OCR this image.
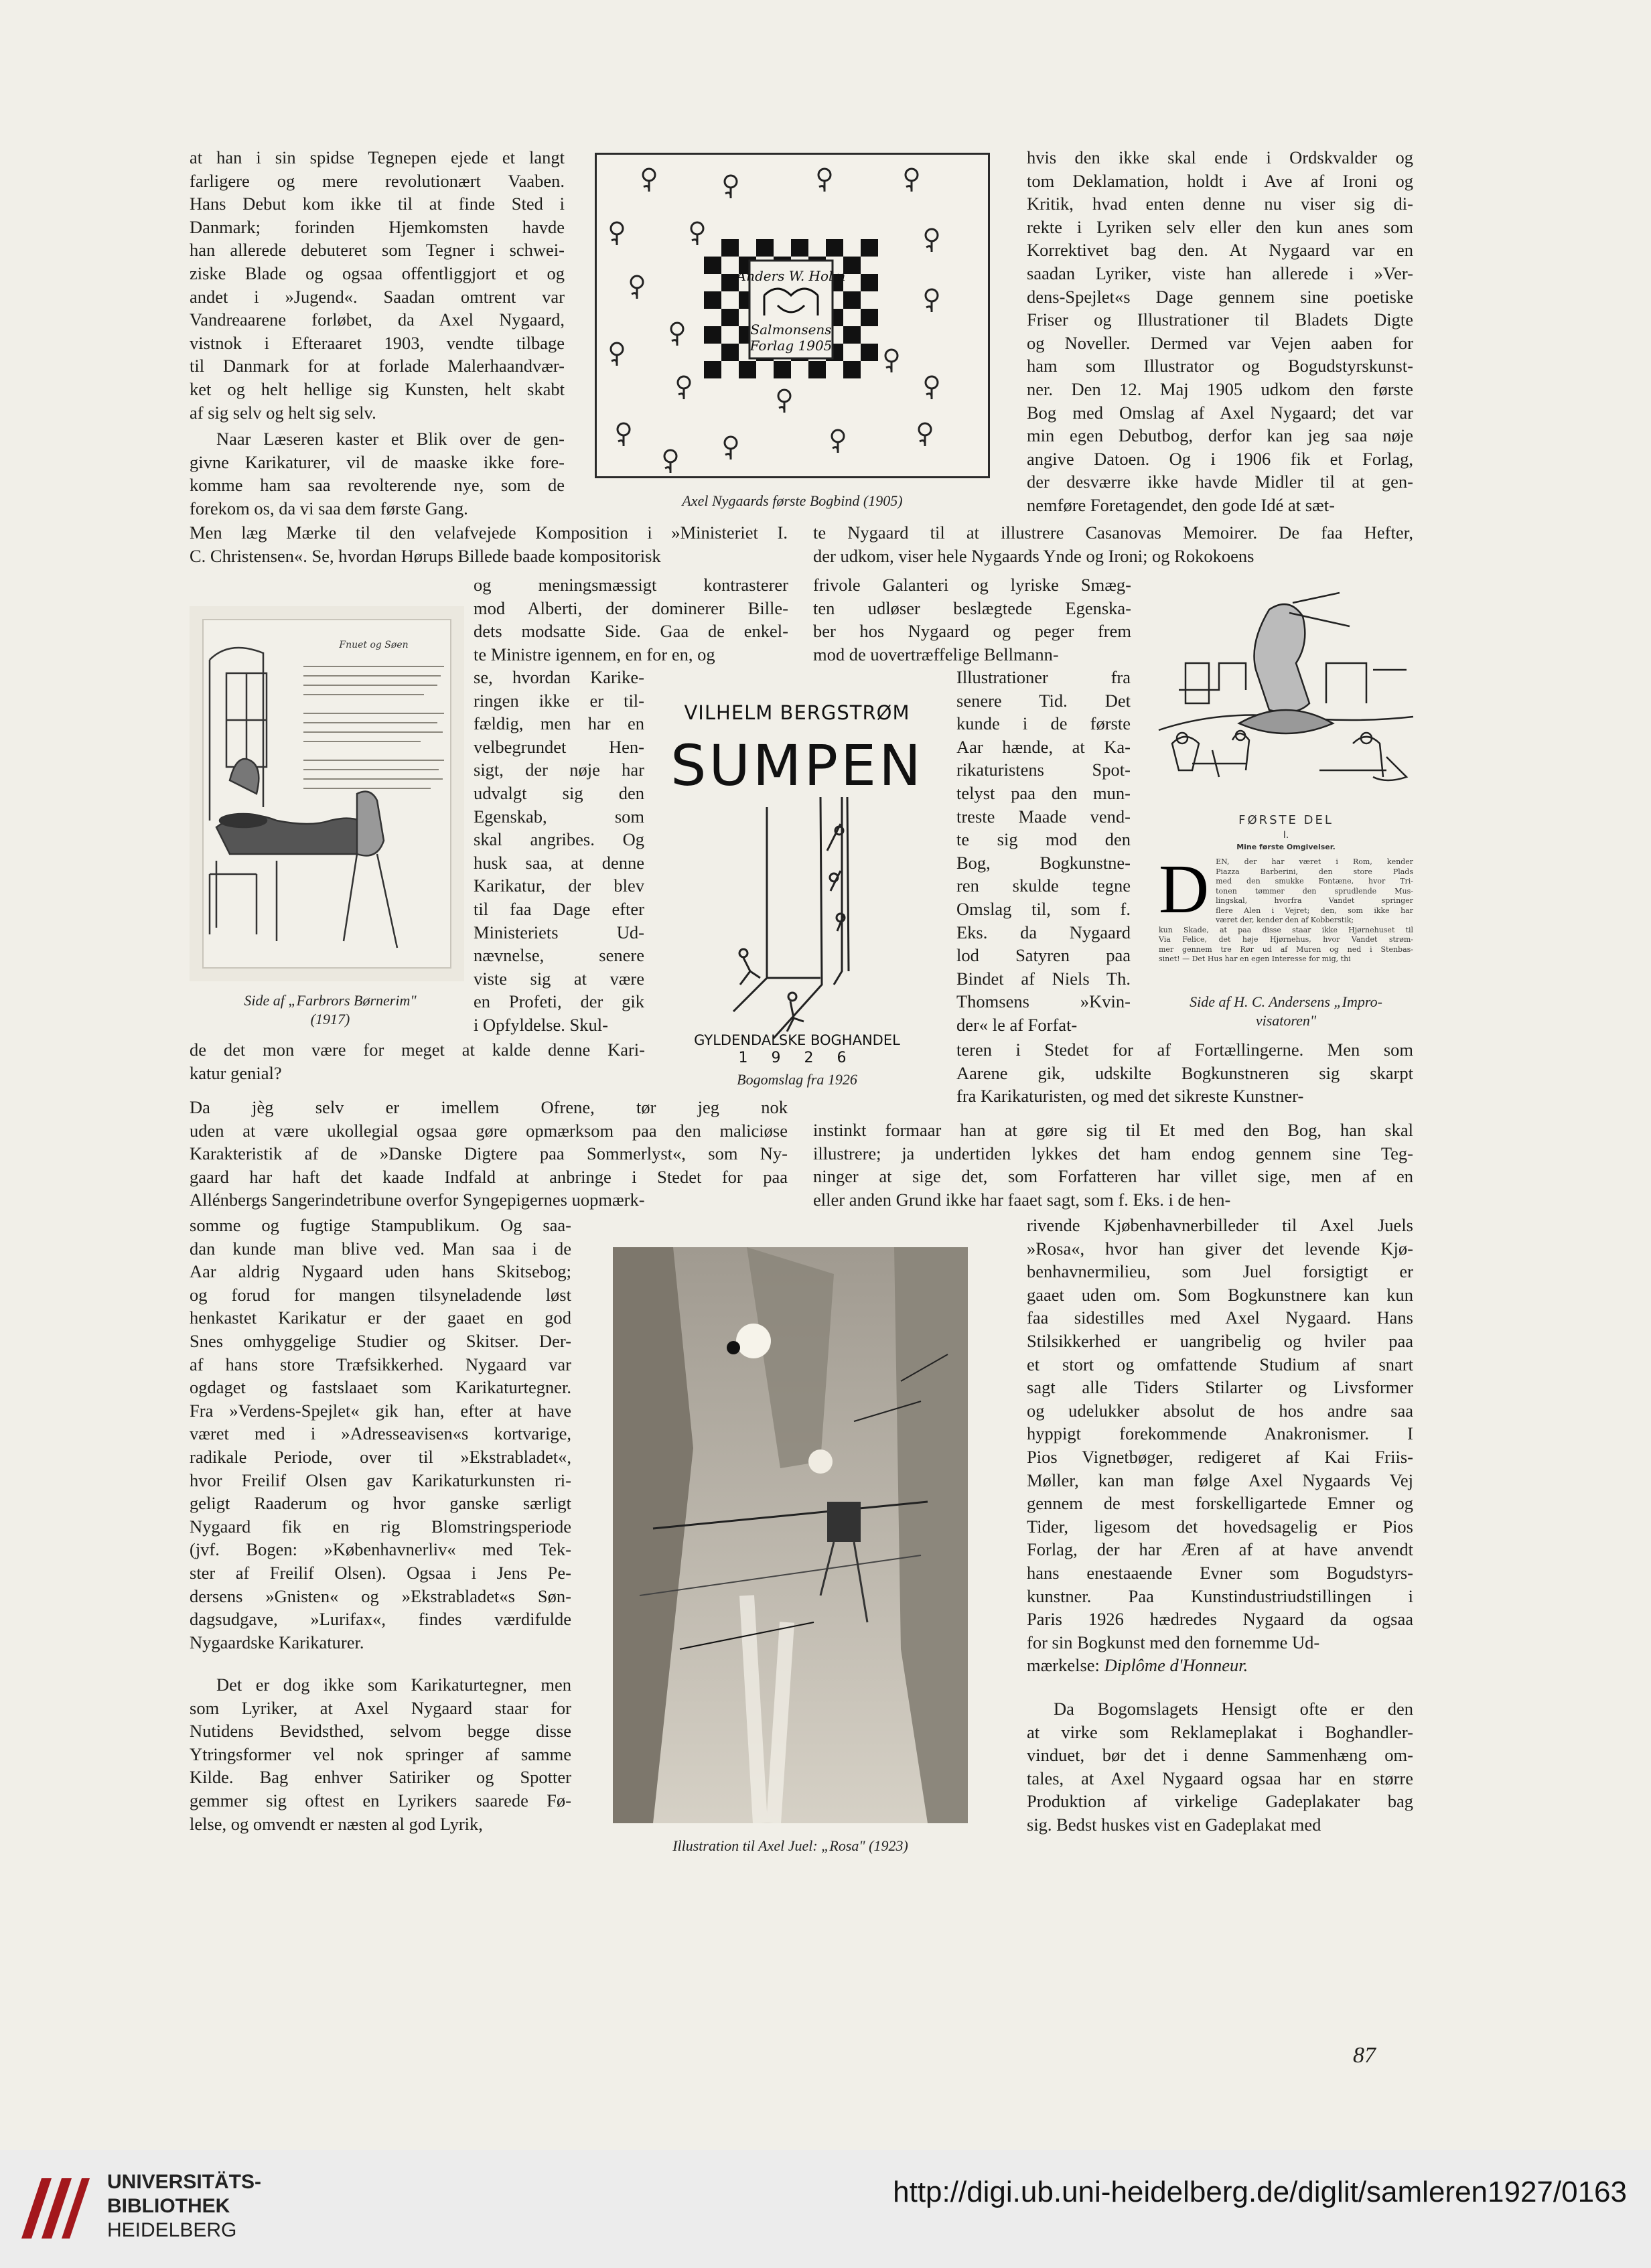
at han i sin spidse Tegnepen ejede et langt
farligere og mere revolutionært Vaaben.
Hans Debut kom ikke til at finde Sted i
Danmark; forinden Hjemkomsten havde
han allerede debuteret som Tegner i schwei-
ziske Blade og ogsaa offentliggjort et og
andet i »Jugend«. Saadan omtrent var
Vandreaarene forløbet, da Axel Nygaard,
vistnok i Efteraaret 1903, vendte tilbage
til Danmark for at forlade Malerhaandvær-
ket og helt hellige sig Kunsten, helt skabt
af sig selv og helt sig selv.
Naar Læseren kaster et Blik over de gen-
givne Karikaturer, vil de maaske ikke fore-
komme ham saa revolterende nye, som de
forekom os, da vi saa dem første Gang.
Men læg Mærke til den velafvejede Komposition i »Ministeriet I.
C. Christensen«. Se, hvordan Hørups Billede baade kompositorisk
te Nygaard til at illustrere Casanovas Memoirer. De faa Hefter,
der udkom, viser hele Nygaards Ynde og Ironi; og Rokokoens
Anders W. Holm
Salmonsens
Forlag 1905
Axel Nygaards første Bogbind (1905)
hvis den ikke skal ende i Ordskvalder og
tom Deklamation, holdt i Ave af Ironi og
Kritik, hvad enten denne nu viser sig di-
rekte i Lyriken selv eller den kun anes som
Korrektivet bag den. At Nygaard var en
saadan Lyriker, viste han allerede i »Ver-
dens-Spejlet«s Dage gennem sine poetiske
Friser og Illustrationer til Bladets Digte
og Noveller. Dermed var Vejen aaben for
ham som Illustrator og Bogudstyrskunst-
ner. Den 12. Maj 1905 udkom den første
Bog med Omslag af Axel Nygaard; det var
min egen Debutbog, derfor kan jeg saa nøje
angive Datoen. Og i 1906 fik et Forlag,
der desværre ikke havde Midler til at gen-
nemføre Foretagendet, den gode Idé at sæt-
Fnuet og Søen
Side af „Farbrors Børnerim"
(1917)
og meningsmæssigt kontrasterer
mod Alberti, der dominerer Bille-
dets modsatte Side. Gaa de enkel-
te Ministre igennem, en for en, og
se, hvordan Karike-
ringen ikke er til-
fældig, men har en
velbegrundet Hen-
sigt, der nøje har
udvalgt sig den
Egenskab, som
skal angribes. Og
husk saa, at denne
Karikatur, der blev
til faa Dage efter
Ministeriets Ud-
nævnelse, senere
viste sig at være
en Profeti, der gik
i Opfyldelse. Skul-
de det mon være for meget at kalde denne Kari-
katur genial?
Da jèg selv er imellem Ofrene, tør jeg nok
uden at være ukollegial ogsaa gøre opmærksom paa den maliciøse
Karakteristik af de »Danske Digtere paa Sommerlyst«, som Ny-
gaard har haft det kaade Indfald at anbringe i Stedet for paa
Allénbergs Sangerindetribune overfor Syngepigernes uopmærk-
VILHELM BERGSTRØM
SUMPEN
GYLDENDALSKE BOGHANDEL
1 9 2 6
Bogomslag fra 1926
frivole Galanteri og lyriske Smæg-
ten udløser beslægtede Egenska-
ber hos Nygaard og peger frem
mod de uovertræffelige Bellmann-
Illustrationer fra
senere Tid. Det
kunde i de første
Aar hænde, at Ka-
rikaturistens Spot-
telyst paa den mun-
treste Maade vend-
te sig mod den
Bog, Bogkunstne-
ren skulde tegne
Omslag til, som f.
Eks. da Nygaard
lod Satyren paa
Bindet af Niels Th.
Thomsens »Kvin-
der« le af Forfat-
teren i Stedet for af Fortællingerne. Men som
Aarene gik, udskilte Bogkunstneren sig skarpt
fra Karikaturisten, og med det sikreste Kunstner-
instinkt formaar han at gøre sig til Et med den Bog, han skal
illustrere; ja undertiden lykkes det ham endog gennem sine Teg-
ninger at sige det, som Forfatteren har villet sige, men af en
eller anden Grund ikke har faaet sagt, som f. Eks. i de hen-
FØRSTE DEL
I.
Mine første Omgivelser.
D EN, der har været i Rom, kender
Piazza Barberini, den store Plads
med den smukke Fontæne, hvor Tri-
tonen tømmer den sprudlende Mus-
lingskal, hvorfra Vandet springer
flere Alen i Vejret; den, som ikke har
været der, kender den af Kobberstik;
kun Skade, at paa disse staar ikke Hjørnehuset til
Via Felice, det høje Hjørnehus, hvor Vandet strøm-
mer gennem tre Rør ud af Muren og ned i Stenbas-
sinet! — Det Hus har en egen Interesse for mig, thi
Side af H. C. Andersens „Impro-
visatoren"
Illustration til Axel Juel: „Rosa" (1923)
somme og fugtige Stampublikum. Og saa-
dan kunde man blive ved. Man saa i de
Aar aldrig Nygaard uden hans Skitsebog;
og forud for mangen tilsyneladende løst
henkastet Karikatur er der gaaet en god
Snes omhyggelige Studier og Skitser. Der-
af hans store Træfsikkerhed. Nygaard var
ogdaget og fastslaaet som Karikaturtegner.
Fra »Verdens-Spejlet« gik han, efter at have
været med i »Adresseavisen«s kortvarige,
radikale Periode, over til »Ekstrabladet«,
hvor Freilif Olsen gav Karikaturkunsten ri-
geligt Raaderum og hvor ganske særligt
Nygaard fik en rig Blomstringsperiode
(jvf. Bogen: »Københavnerliv« med Tek-
ster af Freilif Olsen). Ogsaa i Jens Pe-
dersens »Gnisten« og »Ekstrabladet«s Søn-
dagsudgave, »Lurifax«, findes værdifulde
Nygaardske Karikaturer.
Det er dog ikke som Karikaturtegner, men
som Lyriker, at Axel Nygaard staar for
Nutidens Bevidsthed, selvom begge disse
Ytringsformer vel nok springer af samme
Kilde. Bag enhver Satiriker og Spotter
gemmer sig oftest en Lyrikers saarede Fø-
lelse, og omvendt er næsten al god Lyrik,
rivende Kjøbenhavnerbilleder til Axel Juels
»Rosa«, hvor han giver det levende Kjø-
benhavnermilieu, som Juel forsigtigt er
gaaet uden om. Som Bogkunstnere kan kun
faa sidestilles med Axel Nygaard. Hans
Stilsikkerhed er uangribelig og hviler paa
et stort og omfattende Studium af snart
sagt alle Tiders Stilarter og Livsformer
og udelukker absolut de hos andre saa
hyppigt forekommende Anakronismer. I
Pios Vignetbøger, redigeret af Kai Friis-
Møller, kan man følge Axel Nygaards Vej
gennem de mest forskelligartede Emner og
Tider, ligesom det hovedsagelig er Pios
Forlag, der har Æren af at have anvendt
hans enestaaende Evner som Bogudstyrs-
kunstner. Paa Kunstindustriudstillingen i
Paris 1926 hædredes Nygaard da ogsaa
for sin Bogkunst med den fornemme Ud-
mærkelse: Diplôme d'Honneur.
Da Bogomslagets Hensigt ofte er den
at virke som Reklameplakat i Boghandler-
vinduet, bør det i denne Sammenhæng om-
tales, at Axel Nygaard ogsaa har en større
Produktion af virkelige Gadeplakater bag
sig. Bedst huskes vist en Gadeplakat med
87
UNIVERSITÄTS-
BIBLIOTHEK
HEIDELBERG
http://digi.ub.uni-heidelberg.de/diglit/samleren1927/0163
